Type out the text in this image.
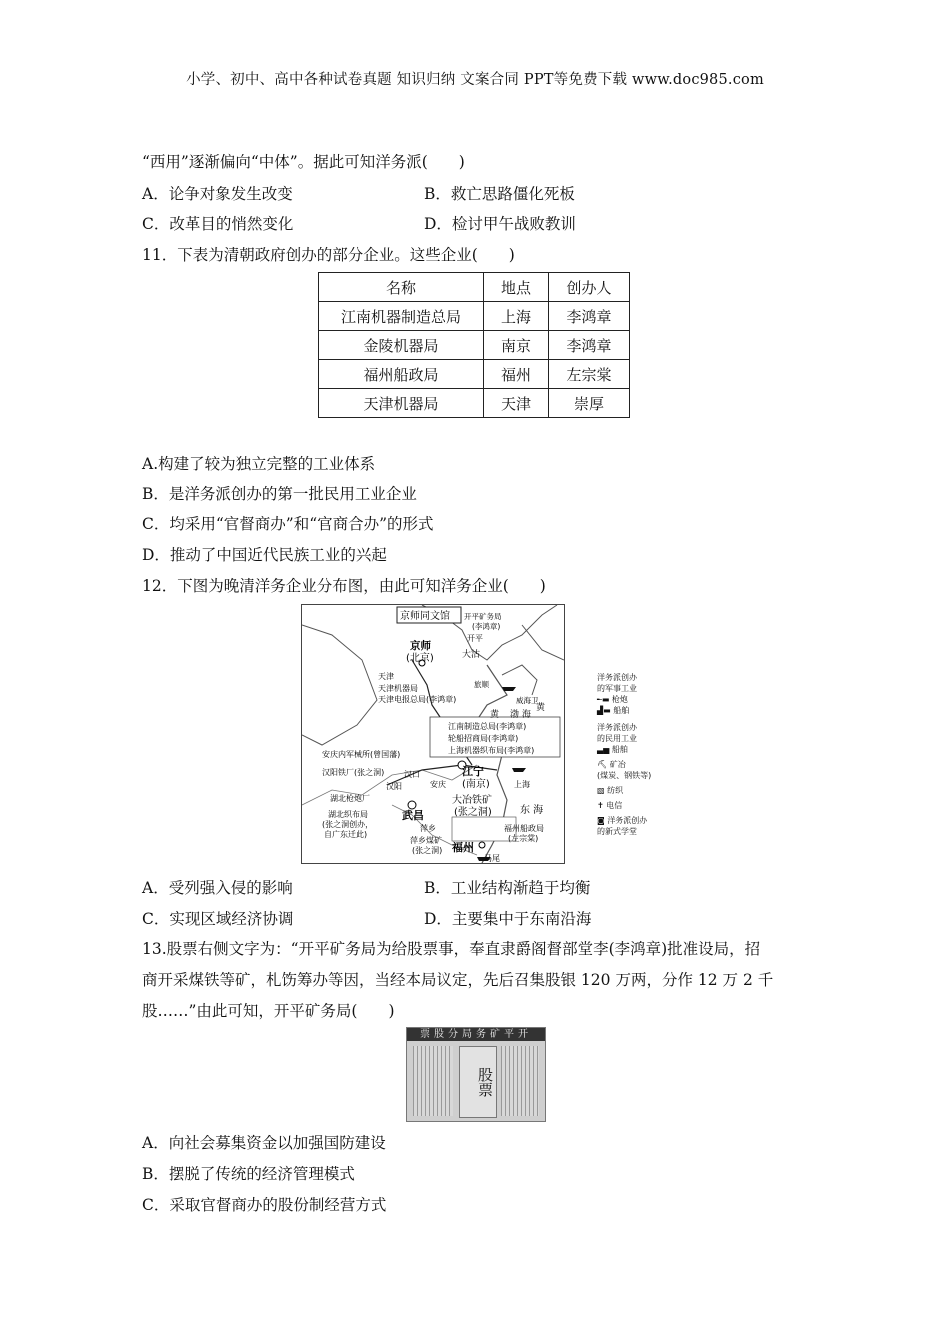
小学、初中、高中各种试卷真题 知识归纳 文案合同 PPT等免费下载 www.doc985.com
“西用”逐渐偏向“中体”。据此可知洋务派(　　)
A．论争对象发生改变	B．救亡思路僵化死板
C．改革目的悄然变化	D．检讨甲午战败教训
11．下表为清朝政府创办的部分企业。这些企业(　　)
名称	地点	创办人
江南机器制造总局	上海	李鸿章
金陵机器局	南京	李鸿章
福州船政局	福州	左宗棠
天津机器局	天津	崇厚
A.构建了较为独立完整的工业体系
B．是洋务派创办的第一批民用工业企业
C．均采用“官督商办”和“官商合办”的形式
D．推动了中国近代民族工业的兴起
12．下图为晚清洋务企业分布图，由此可知洋务企业(　　)
京师同文馆
京师
(北京)
开平矿务局
(李鸿章)
开平
天津
天津机器局
天津电报总局(李鸿章)
大沽
旅顺
威海卫
渤 海
黄
黄
江南制造总局(李鸿章)
轮船招商局(李鸿章)
上海机器织布局(李鸿章)
安庆内军械所(曾国藩)
汉阳铁厂(张之洞) 汉口
汉阳
湖北枪炮厂
湖北织布局
(张之洞创办，
自广东迁此)
武昌
安庆
江宁
(南京)	上海
大冶铁矿
(张之洞)
萍乡
萍乡煤矿
(张之洞)
东 海
福州船政局
(左宗棠)
福州
马尾
洋务派创办
的军事工业
╾▬ 枪炮
▟▬ 船舶
洋务派创办
的民用工业
▃▅ 船舶
⛏ 矿冶
(煤炭、钢铁等)
▧ 纺织
✝ 电信
◙ 洋务派创办
的新式学堂
A．受列强入侵的影响	B．工业结构渐趋于均衡
C．实现区域经济协调	D．主要集中于东南沿海
13.股票右侧文字为：“开平矿务局为给股票事，奉直隶爵阁督部堂李(李鸿章)批准设局，招
商开采煤铁等矿，札饬筹办等因，当经本局议定，先后召集股银 120 万两，分作 12 万 2 千
股……”由此可知，开平矿务局(　　)
票股分局务矿平开
股票
A．向社会募集资金以加强国防建设
B．摆脱了传统的经济管理模式
C．采取官督商办的股份制经营方式
